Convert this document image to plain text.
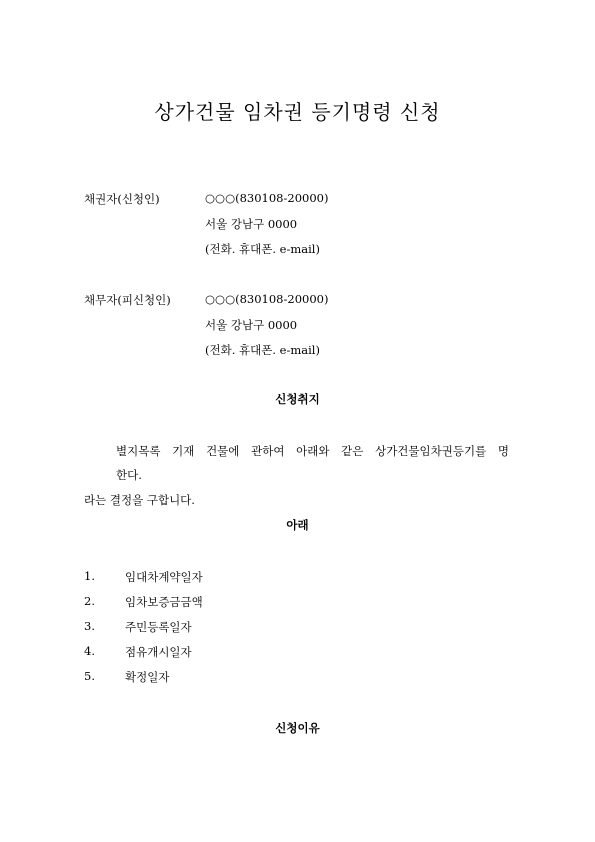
상가건물 임차권 등기명령 신청
채권자(신청인)	○○○(830108-20000)
서울 강남구 0000
(전화. 휴대폰. e-mail)
채무자(피신청인)	○○○(830108-20000)
서울 강남구 0000
(전화. 휴대폰. e-mail)
신청취지
별지목록 기재 건물에 관하여 아래와 같은 상가건물임차권등기를 명
한다.
라는 결정을 구합니다.
아래
1.	임대차계약일자
2.	임차보증금금액
3.	주민등록일자
4.	점유개시일자
5.	확정일자
신청이유
